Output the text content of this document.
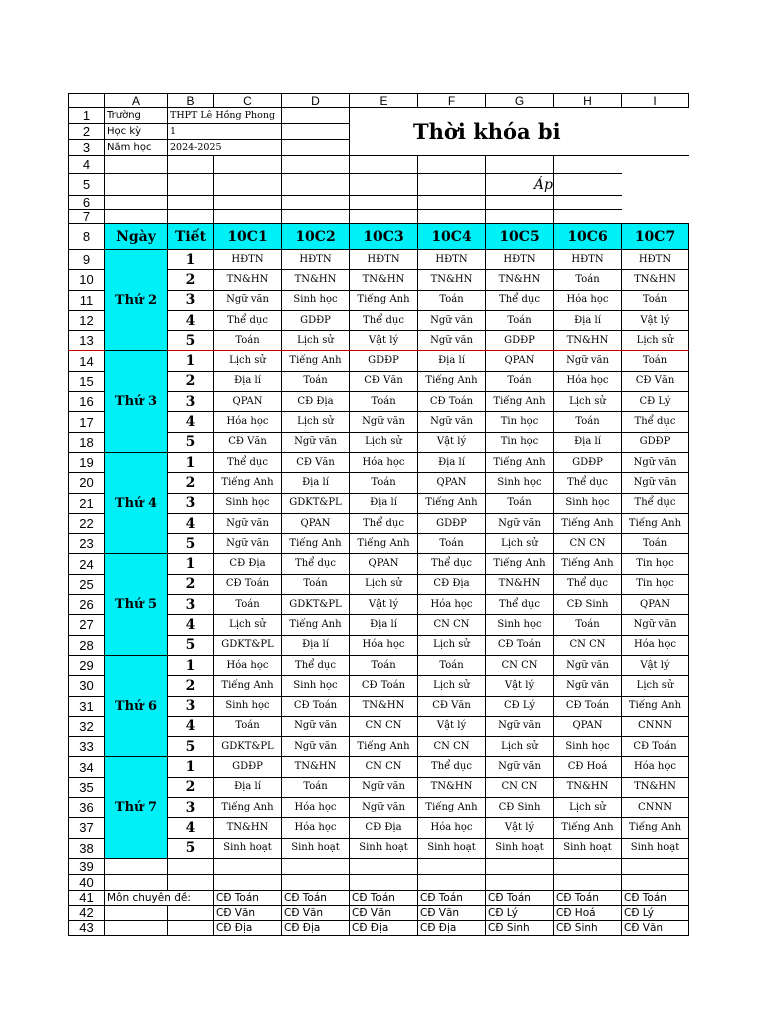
	A	B	C	D	E	F	G	H	I
1	Trường	THPT Lê Hồng Phong			Thời khóa bi				
2	Học kỳ	1							
3	Năm học	2024-2025							
4									
5							Áp		
6									
7									
8	Ngày	Tiết	10C1	10C2	10C3	10C4	10C5	10C6	10C7
9	Thứ 2	1	HĐTN	HĐTN	HĐTN	HĐTN	HĐTN	HĐTN	HĐTN
10		2	TN&HN	TN&HN	TN&HN	TN&HN	TN&HN	Toán	TN&HN
11		3	Ngữ văn	Sinh học	Tiếng Anh	Toán	Thể dục	Hóa học	Toán
12		4	Thể dục	GDĐP	Thể dục	Ngữ văn	Toán	Địa lí	Vật lý
13		5	Toán	Lịch sử	Vật lý	Ngữ văn	GDĐP	TN&HN	Lịch sử
14	Thứ 3	1	Lịch sử	Tiếng Anh	GDĐP	Địa lí	QPAN	Ngữ văn	Toán
15		2	Địa lí	Toán	CĐ Văn	Tiếng Anh	Toán	Hóa học	CĐ Văn
16		3	QPAN	CĐ Địa	Toán	CĐ Toán	Tiếng Anh	Lịch sử	CĐ Lý
17		4	Hóa học	Lịch sử	Ngữ văn	Ngữ văn	Tin học	Toán	Thể dục
18		5	CĐ Văn	Ngữ văn	Lịch sử	Vật lý	Tin học	Địa lí	GDĐP
19	Thứ 4	1	Thể dục	CĐ Văn	Hóa học	Địa lí	Tiếng Anh	GDĐP	Ngữ văn
20		2	Tiếng Anh	Địa lí	Toán	QPAN	Sinh học	Thể dục	Ngữ văn
21		3	Sinh học	GDKT&PL	Địa lí	Tiếng Anh	Toán	Sinh học	Thể dục
22		4	Ngữ văn	QPAN	Thể dục	GDĐP	Ngữ văn	Tiếng Anh	Tiếng Anh
23		5	Ngữ văn	Tiếng Anh	Tiếng Anh	Toán	Lịch sử	CN CN	Toán
24	Thứ 5	1	CĐ Địa	Thể dục	QPAN	Thể dục	Tiếng Anh	Tiếng Anh	Tin học
25		2	CĐ Toán	Toán	Lịch sử	CĐ Địa	TN&HN	Thể dục	Tin học
26		3	Toán	GDKT&PL	Vật lý	Hóa học	Thể dục	CĐ Sinh	QPAN
27		4	Lịch sử	Tiếng Anh	Địa lí	CN CN	Sinh học	Toán	Ngữ văn
28		5	GDKT&PL	Địa lí	Hóa học	Lịch sử	CĐ Toán	CN CN	Hóa học
29	Thứ 6	1	Hóa học	Thể dục	Toán	Toán	CN CN	Ngữ văn	Vật lý
30		2	Tiếng Anh	Sinh học	CĐ Toán	Lịch sử	Vật lý	Ngữ văn	Lịch sử
31		3	Sinh học	CĐ Toán	TN&HN	CĐ Văn	CĐ Lý	CĐ Toán	Tiếng Anh
32		4	Toán	Ngữ văn	CN CN	Vật lý	Ngữ văn	QPAN	CNNN
33		5	GDKT&PL	Ngữ văn	Tiếng Anh	CN CN	Lịch sử	Sinh học	CĐ Toán
34	Thứ 7	1	GDĐP	TN&HN	CN CN	Thể dục	Ngữ văn	CĐ Hoá	Hóa học
35		2	Địa lí	Toán	Ngữ văn	TN&HN	CN CN	TN&HN	TN&HN
36		3	Tiếng Anh	Hóa học	Ngữ văn	Tiếng Anh	CĐ Sinh	Lịch sử	CNNN
37		4	TN&HN	Hóa học	CĐ Địa	Hóa học	Vật lý	Tiếng Anh	Tiếng Anh
38		5	Sinh hoạt	Sinh hoạt	Sinh hoạt	Sinh hoạt	Sinh hoạt	Sinh hoạt	Sinh hoạt
39									
40									
41	Môn chuyên đề:		CĐ Toán	CĐ Toán	CĐ Toán	CĐ Toán	CĐ Toán	CĐ Toán	CĐ Toán
42			CĐ Văn	CĐ Văn	CĐ Văn	CĐ Văn	CĐ Lý	CĐ Hoá	CĐ Lý
43			CĐ Địa	CĐ Địa	CĐ Địa	CĐ Địa	CĐ Sinh	CĐ Sinh	CĐ Văn
